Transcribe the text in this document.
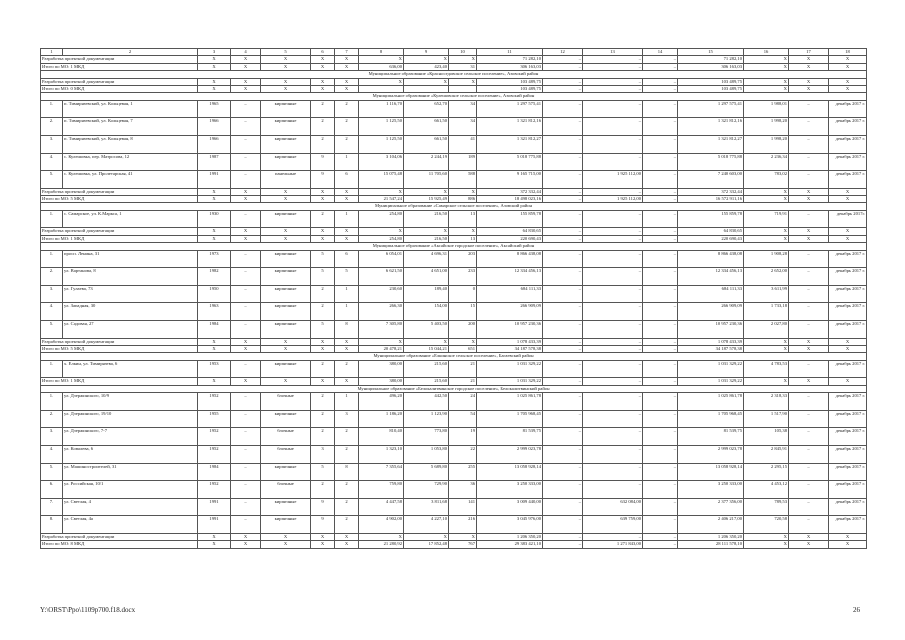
1	2	3	4	5	6	7	8	9	10	11	12	13	14	15	16	17	18
Разработка проектной документации		X	X	X	X	X	X	X	X	71 282,10	–	–	–	71 282,10	X	X	X
Итого по МО: 1 МКД		X	X	X	X	X	636,00	423,40	31	306 163,03	–	–	–	306 163,03	X	X	X
Муниципальное образование «Красноседовское сельское поселение», Азовский район																	
Разработка проектной документации		X	X	X	X	X	X	X	X	103 489,75	–	–	–	103 489,75	X	X	X
Итого по МО: 0 МКД		X	X	X	X	X				103 489,75	–	–	–	103 489,75	X	X	X
Муниципальное образование «Кулешовское сельское поселение», Азовский район																	
1.	п. Тимирязевский, ул. Кольцевая, 1	1965	–	кирпичные	2	2	1 116,70	652,70	34	1 297 575,41	–	–	–	1 297 575,41	1 988,01	–	декабрь 2017 г.
2.	п. Тимирязевский, ул. Кольцевая, 7	1966	–	кирпичные	2	2	1 125,50	661,50	34	1 321 812,16	–	–	–	1 321 812,16	1 998,20	–	декабрь 2017 г.
3.	п. Тимирязевский, ул. Кольцевая, 8	1966	–	кирпичные	2	2	1 125,50	661,50	41	1 321 812,27	–	–	–	1 321 812,27	1 998,20	–	декабрь 2017 г.
4.	с. Кулешовка, пер. Матросова, 12	1987	–	кирпичные	9	1	3 104,06	2 244,19	189	5 018 775,88	–	–	–	5 018 775,88	2 236,34	–	декабрь 2017 г.
5.	с. Кулешовка, ул. Пролетарская, 41	1991	–	панельные	9	6	15 075,48	11 705,60	588	9 165 715,00	–	1 925 112,00	–	7 240 603,00	783,02	–	декабрь 2017 г.
Разработка проектной документации		X	X	X	X	X	X	X	X	372 332,44	–	–	–	372 332,44	X	X	X
Итого по МО: 5 МКД		X	X	X	X	X	21 547,24	15 925,49	886	18 498 023,16	–	1 925 112,00	–	16 572 911,16	X	X	X
Муниципальное образование «Самарское сельское поселение», Азовский район																	
1.	с. Самарское, ул. К.Маркса, 1	1930	–	кирпичные	2	1	254,80	216,50	13	155 859,78	–	–	–	155 859,78	719,91	–	декабрь 2017г.
Разработка проектной документации		X	X	X	X	X	X	X	X	64 830,65	–	–	–	64 830,65	X	X	X
Итого по МО: 1 МКД		X	X	X	X	X	254,80	216,50	13	220 690,43	–	–	–	220 690,43	X	X	X
Муниципальное образование «Аксайское городское поселение», Аксайский район																	
1.	просп. Ленина, 31	1973	–	кирпичные	5	6	6 054,01	4 696,31	203	8 866 438,08	–	–	–	8 866 438,08	1 908,28	–	декабрь 2017 г.
2.	ул. Вартанова, 8	1982	–	кирпичные	5	5	6 621,50	4 651,00	233	12 334 456,13	–	–	–	12 334 456,13	2 652,00	–	декабрь 2017 г.
3.	ул. Гулаева, 73	1950	–	кирпичные	2	1	230,60	189,40	0	684 111,33	–	–	–	684 111,33	3 611,99	–	декабрь 2017 г.
4.	ул. Западная, 30	1963	–	кирпичные	2	1	266,30	154,00	15	266 909,09	–	–	–	266 909,09	1 733,18	–	декабрь 2017 г.
5.	ул. Садовая, 27	1984	–	кирпичные	5	8	7 305,80	5 403,50	200	10 957 230,36	–	–	–	10 957 230,36	2 027,80	–	декабрь 2017 г.
Разработка проектной документации		X	X	X	X	X	X	X	X	1 078 433,39	–	–	–	1 078 433,39	X	X	X
Итого по МО: 5 МКД		X	X	X	X	X	20 478,21	15 044,21	651	34 187 578,38	–	–	–	34 187 578,38	X	X	X
Муниципальное образование «Елкинское сельское поселение», Багаевский район																	
1.	х. Елкин, ул. Тимирязева, 6	1953	–	кирпичные	2	2	380,00	215,60	21	1 031 329,22	–	–	–	1 031 329,22	4 783,53	–	декабрь 2017 г.
Итого по МО: 1 МКД		X	X	X	X	X	380,00	215,60	21	1 031 329,22	–	–	–	1 031 329,22	X	X	X
Муниципальное образование «Белокалитвинское городское поселение», Белокалитвинский район																	
1.	ул. Дзержинского, 10/9	1952	–	блочные	2	1	496,20	442,50	24	1 025 861,78	–	–	–	1 025 861,78	2 318,33	–	декабрь 2017 г.
2.	ул. Дзержинского, 19/10	1955	–	кирпичные	2	3	1 186,20	1 123,90	54	1 705 968,45	–	–	–	1 705 968,45	1 517,90	–	декабрь 2017 г.
3.	ул. Дзержинского, 7-7	1952	–	блочные	2	2	810,40	773,80	19	81 539,75	–	–	–	81 539,75	105,38	–	декабрь 2017 г.
4.	ул. Ковалева, 6	1952	–	блочные	3	2	1 323,10	1 053,80	22	2 999 023,78	–	–	–	2 999 023,78	2 845,91	–	декабрь 2017 г.
5.	ул. Машиностроителей, 31	1984	–	кирпичные	5	8	7 355,64	5 689,80	255	13 058 928,14	–	–	–	13 058 928,14	2 295,15	–	декабрь 2017 г.
6.	ул. Российская, 10/1	1952	–	блочные	2	2	759,80	729,90	36	3 250 333,00	–	–	–	3 250 333,00	4 453,12	–	декабрь 2017 г.
7.	ул. Светлая, 4	1991	–	кирпичные	9	2	4 447,58	3 811,68	141	3 009 440,00	–	632 084,00	–	2 377 356,00	789,53	–	декабрь 2017 г.
8.	ул. Светлая, 4а	1991	–	кирпичные	9	2	4 902,00	4 227,10	216	3 045 976,00	–	639 759,00	–	2 406 217,00	720,58	–	декабрь 2017 г.
Разработка проектной документации		X	X	X	X	X	X	X	X	1 206 350,20	–	–	–	1 206 350,20	X	X	X
Итого по МО: 8 МКД		X	X	X	X	X	21 280,92	17 852,48	767	29 383 421,10	–	1 271 843,00	–	28 111 578,10	X	X	X
Y:\ORST\Ppo\1109p700.f18.docx	26
